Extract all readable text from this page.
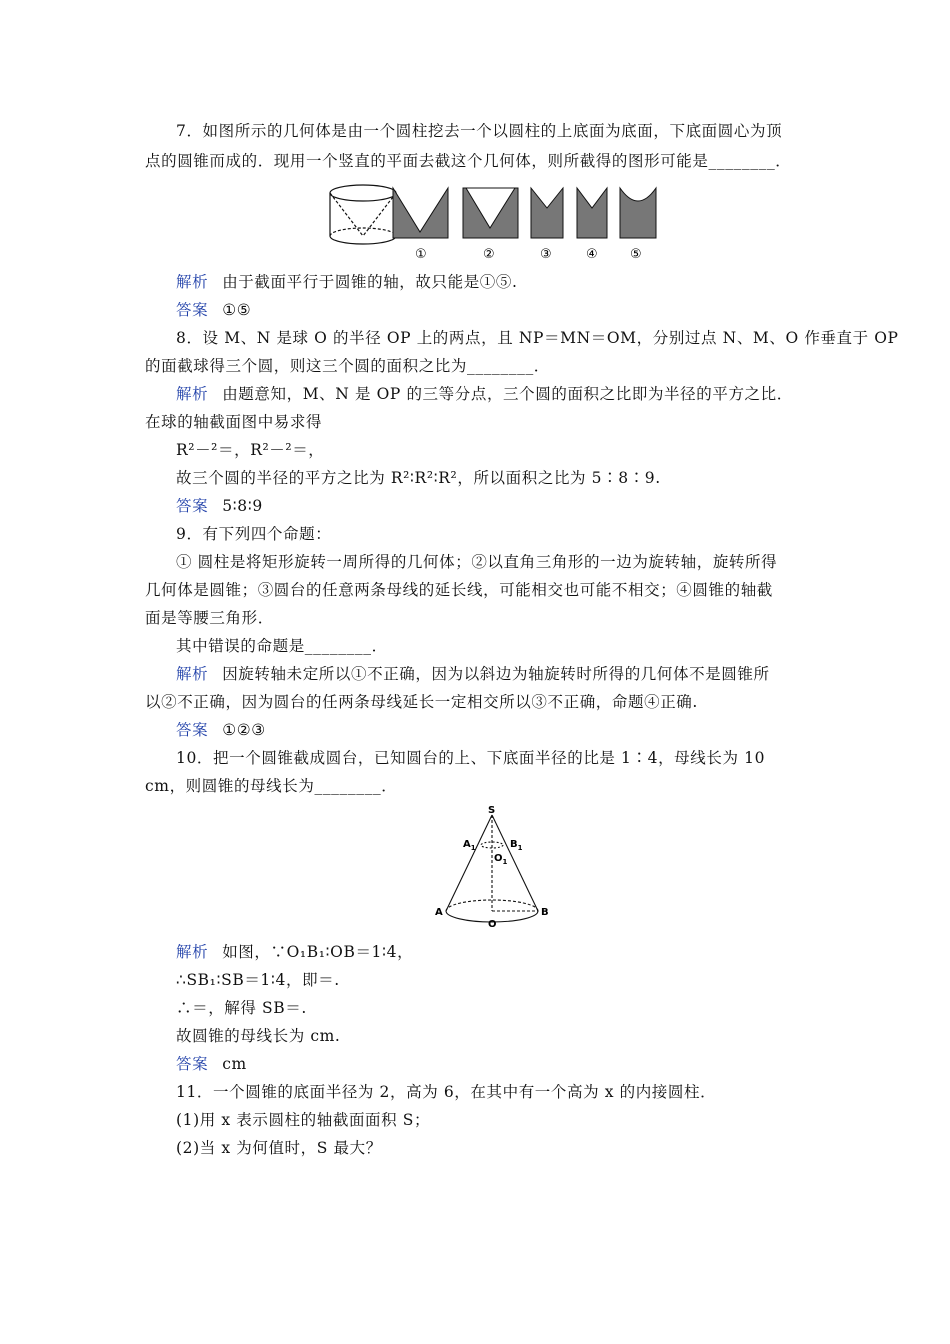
7．如图所示的几何体是由一个圆柱挖去一个以圆柱的上底面为底面，下底面圆心为顶
点的圆锥而成的．现用一个竖直的平面去截这个几何体，则所截得的图形可能是________．
①	②	③	④ ⑤
解析 由于截面平行于圆锥的轴，故只能是①⑤.
答案 ①⑤
8．设 M、N 是球 O 的半径 OP 上的两点，且 NP＝MN＝OM，分别过点 N、M、O 作垂直于 OP
的面截球得三个圆，则这三个圆的面积之比为________．
解析 由题意知，M、N 是 OP 的三等分点，三个圆的面积之比即为半径的平方之比．
在球的轴截面图中易求得
R²－²＝，R²－²＝，
故三个圆的半径的平方之比为 R²∶R²∶R²，所以面积之比为 5∶8∶9.
答案 5∶8∶9
9．有下列四个命题：
① 圆柱是将矩形旋转一周所得的几何体；②以直角三角形的一边为旋转轴，旋转所得
几何体是圆锥；③圆台的任意两条母线的延长线，可能相交也可能不相交；④圆锥的轴截
面是等腰三角形．
其中错误的命题是________．
解析 因旋转轴未定所以①不正确，因为以斜边为轴旋转时所得的几何体不是圆锥所
以②不正确，因为圆台的任两条母线延长一定相交所以③不正确，命题④正确.
答案 ①②③
10．把一个圆锥截成圆台，已知圆台的上、下底面半径的比是 1∶4，母线长为 10
cm，则圆锥的母线长为________．
S
$A_1$	$B_1$
$O_1$
A	B
O
解析 如图，∵O₁B₁∶OB＝1∶4，
∴SB₁∶SB＝1∶4，即＝.
∴＝，解得 SB＝.
故圆锥的母线长为 cm.
答案 cm
11．一个圆锥的底面半径为 2，高为 6，在其中有一个高为 x 的内接圆柱．
(1)用 x 表示圆柱的轴截面面积 S；
(2)当 x 为何值时，S 最大？
